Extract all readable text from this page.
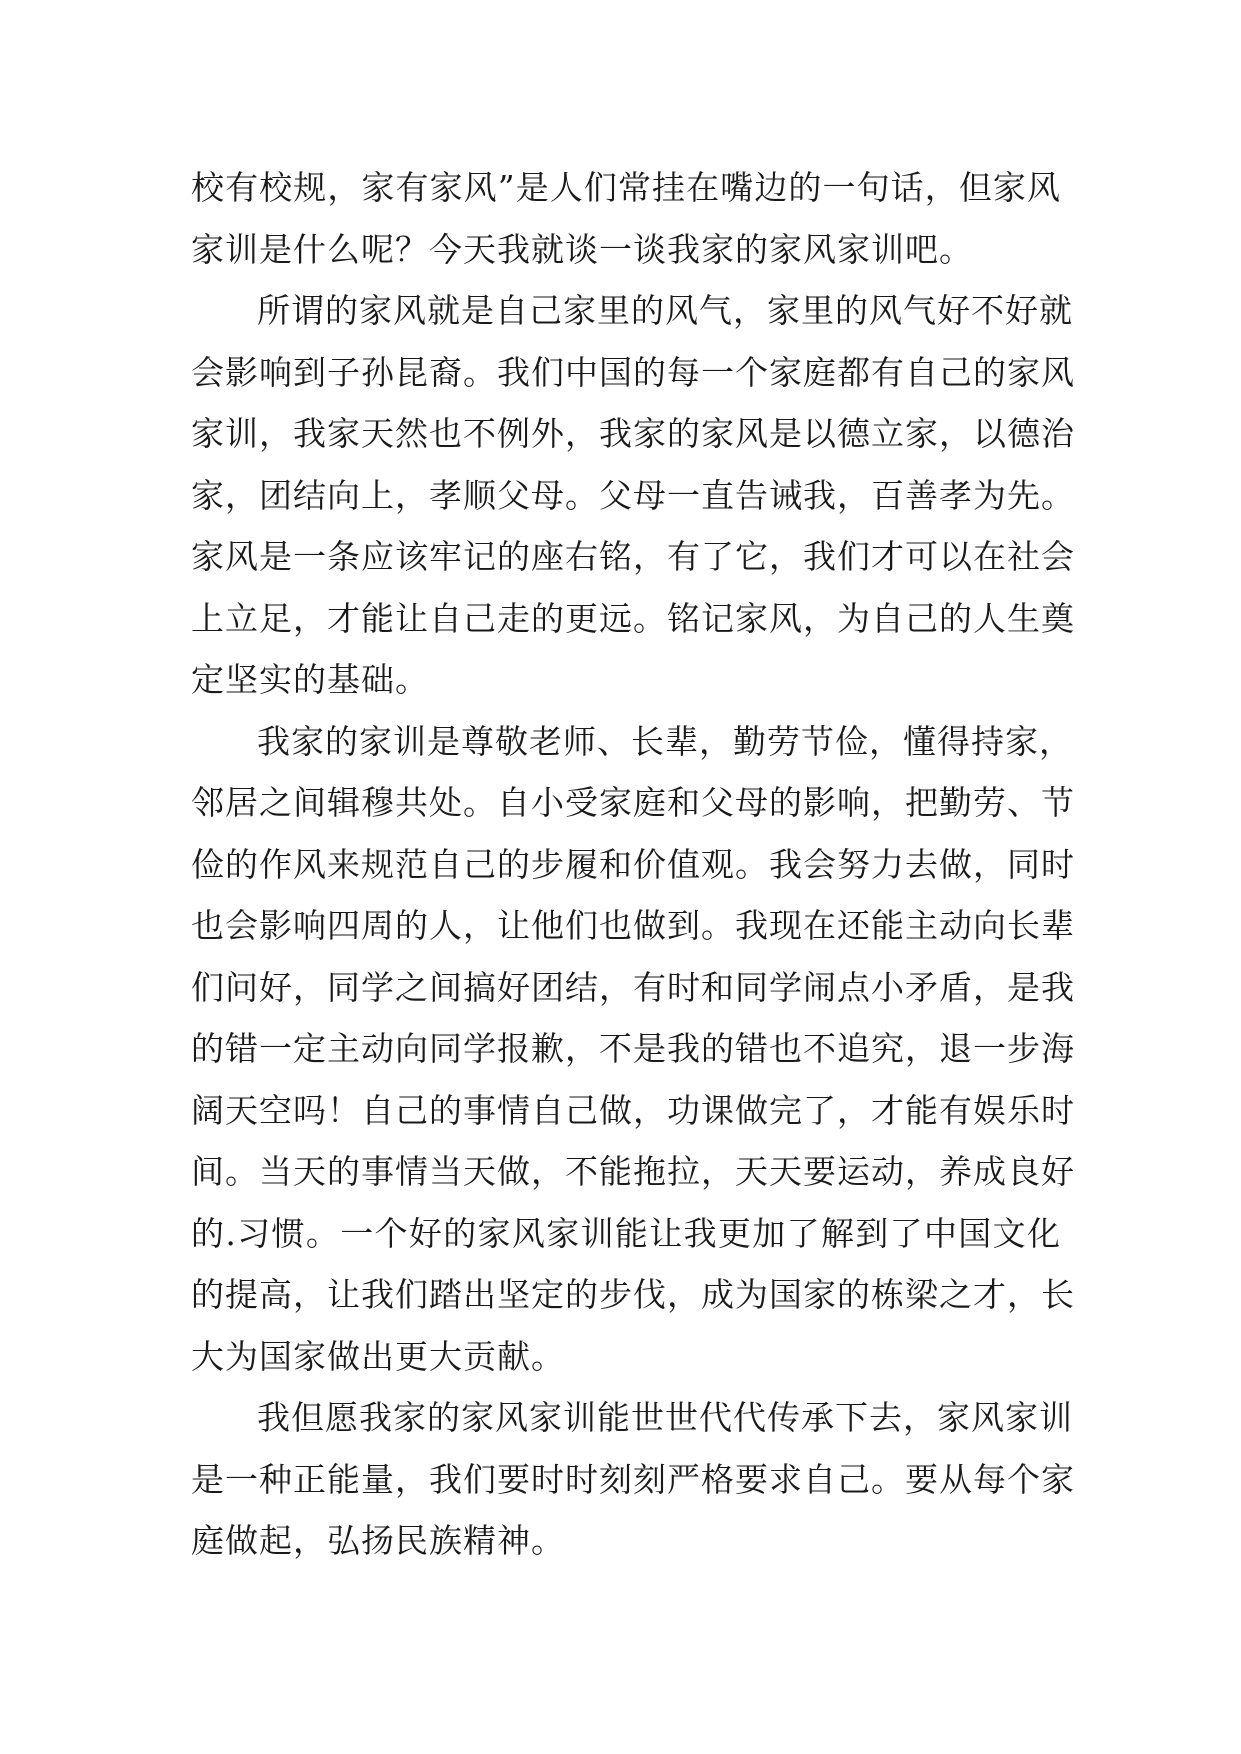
校有校规，家有家风”是人们常挂在嘴边的一句话，但家风
家训是什么呢？今天我就谈一谈我家的家风家训吧。
所谓的家风就是自己家里的风气，家里的风气好不好就
会影响到子孙昆裔。我们中国的每一个家庭都有自己的家风
家训，我家天然也不例外，我家的家风是以德立家，以德治
家，团结向上，孝顺父母。父母一直告诫我，百善孝为先。
家风是一条应该牢记的座右铭，有了它，我们才可以在社会
上立足，才能让自己走的更远。铭记家风，为自己的人生奠
定坚实的基础。
我家的家训是尊敬老师、长辈，勤劳节俭，懂得持家，
邻居之间辑穆共处。自小受家庭和父母的影响，把勤劳、节
俭的作风来规范自己的步履和价值观。我会努力去做，同时
也会影响四周的人，让他们也做到。我现在还能主动向长辈
们问好，同学之间搞好团结，有时和同学闹点小矛盾，是我
的错一定主动向同学报歉，不是我的错也不追究，退一步海
阔天空吗！自己的事情自己做，功课做完了，才能有娱乐时
间。当天的事情当天做，不能拖拉，天天要运动，养成良好
的.习惯。一个好的家风家训能让我更加了解到了中国文化
的提高，让我们踏出坚定的步伐，成为国家的栋梁之才，长
大为国家做出更大贡献。
我但愿我家的家风家训能世世代代传承下去，家风家训
是一种正能量，我们要时时刻刻严格要求自己。要从每个家
庭做起，弘扬民族精神。
